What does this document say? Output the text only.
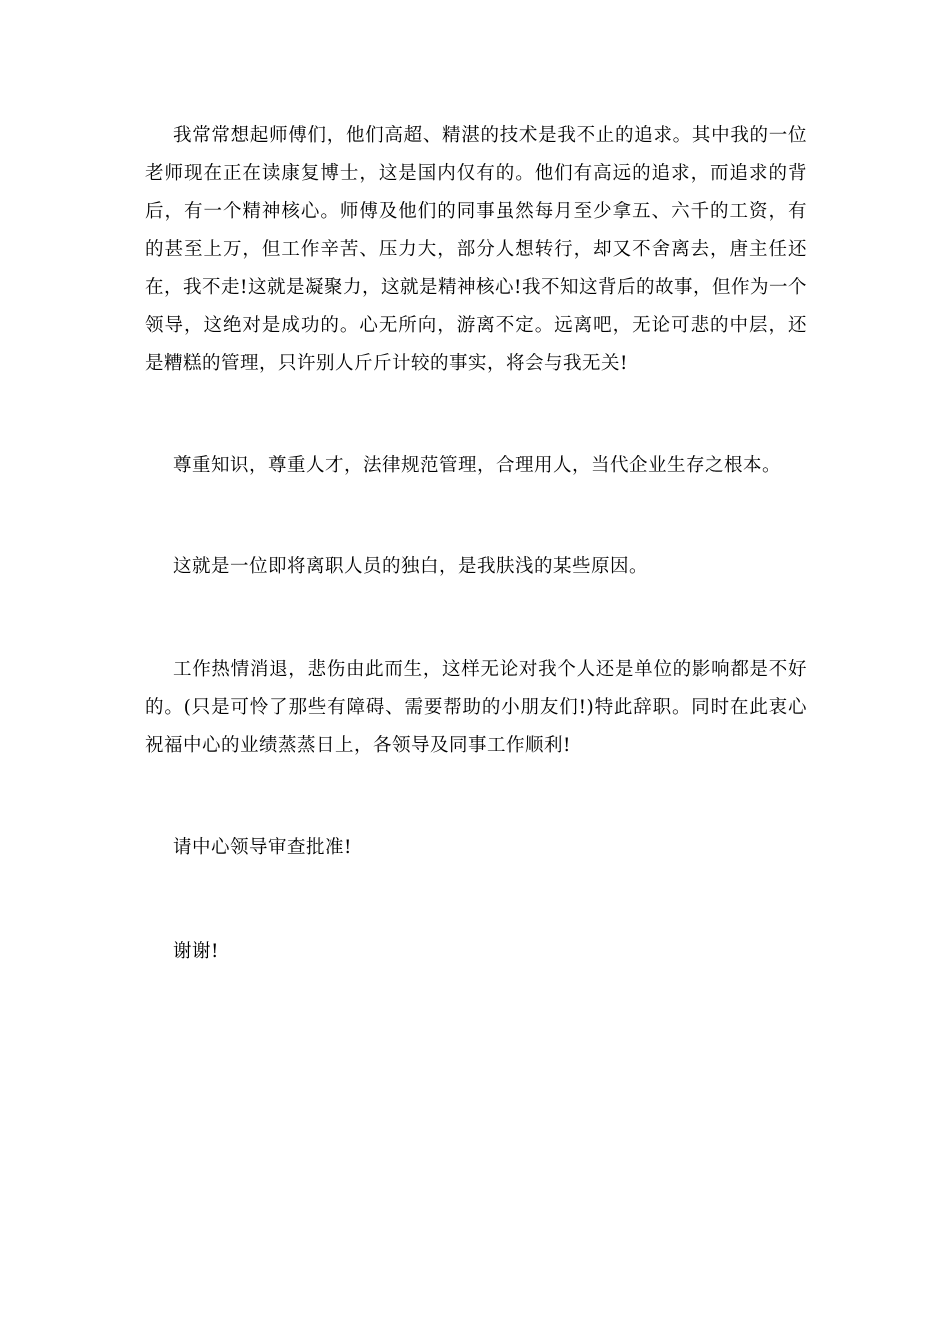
我常常想起师傅们，他们高超、精湛的技术是我不止的追求。其中我的一位老师现在正在读康复博士，这是国内仅有的。他们有高远的追求，而追求的背后，有一个精神核心。师傅及他们的同事虽然每月至少拿五、六千的工资，有的甚至上万，但工作辛苦、压力大，部分人想转行，却又不舍离去，唐主任还在，我不走!这就是凝聚力，这就是精神核心!我不知这背后的故事，但作为一个领导，这绝对是成功的。心无所向，游离不定。远离吧，无论可悲的中层，还是糟糕的管理，只许别人斤斤计较的事实，将会与我无关!

尊重知识，尊重人才，法律规范管理，合理用人，当代企业生存之根本。

这就是一位即将离职人员的独白，是我肤浅的某些原因。

工作热情消退，悲伤由此而生，这样无论对我个人还是单位的影响都是不好的。(只是可怜了那些有障碍、需要帮助的小朋友们!)特此辞职。同时在此衷心祝福中心的业绩蒸蒸日上，各领导及同事工作顺利!

请中心领导审查批准!

谢谢!
